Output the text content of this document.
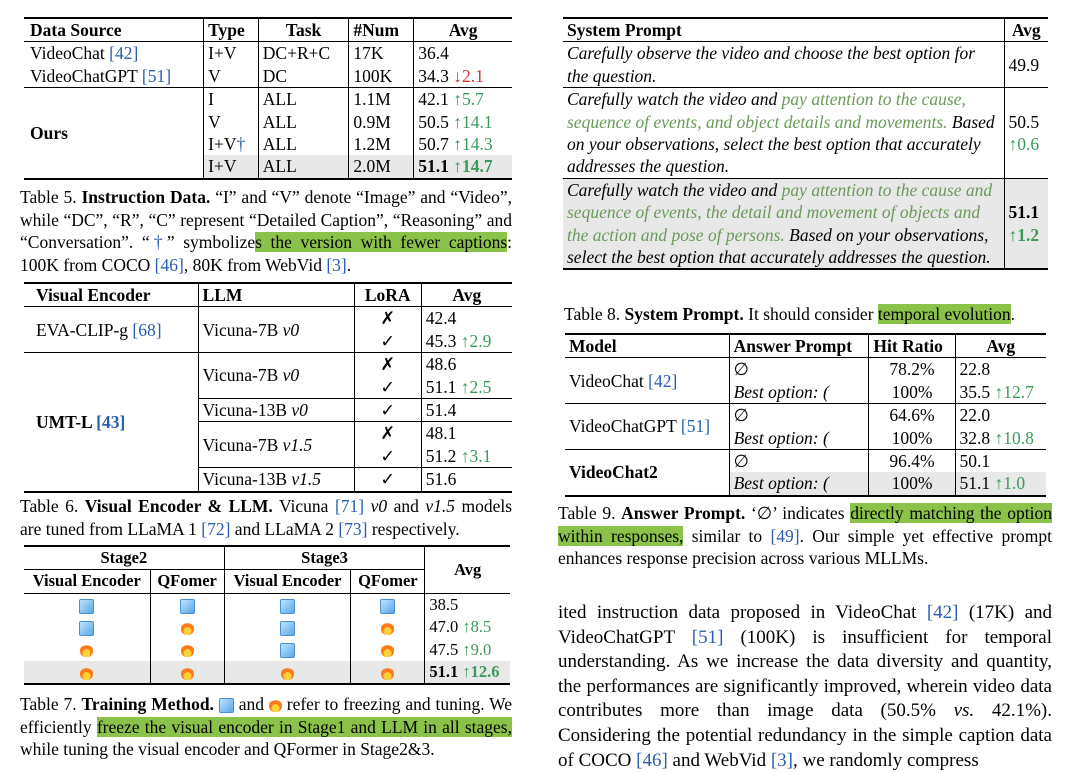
Data Source	Type	Task	#Num	Avg
VideoChat [42]	I+V	DC+R+C	17K	36.4
VideoChatGPT [51]	V	DC	100K	34.3 ↓2.1
Ours	I	ALL	1.1M	42.1 ↑5.7
	V	ALL	0.9M	50.5 ↑14.1
	I+V†	ALL	1.2M	50.7 ↑14.3
	I+V	ALL	2.0M	51.1 ↑14.7
Table 5. Instruction Data. “I” and “V” denote “Image” and “Video”, while “DC”, “R”, “C” represent “Detailed Caption”, “Reasoning” and “Conversation”. “†” symbolizes the version with fewer captions: 100K from COCO [46], 80K from WebVid [3].
Visual Encoder	LLM	LoRA	Avg
EVA-CLIP-g [68]	Vicuna-7B v0	✗	42.4
		✓	45.3 ↑2.9
UMT-L [43]	Vicuna-7B v0	✗	48.6
		✓	51.1 ↑2.5
	Vicuna-13B v0	✓	51.4
	Vicuna-7B v1.5	✗	48.1
		✓	51.2 ↑3.1
	Vicuna-13B v1.5	✓	51.6
Table 6. Visual Encoder & LLM. Vicuna [71] v0 and v1.5 models are tuned from LLaMA 1 [72] and LLaMA 2 [73] respectively.
Stage2		Stage3		Avg
Visual Encoder	QFomer	Visual Encoder	QFomer	
				38.5
				47.0 ↑8.5
				47.5 ↑9.0
				51.1 ↑12.6
Table 7. Training Method.  and  refer to freezing and tuning. We efficiently freeze the visual encoder in Stage1 and LLM in all stages, while tuning the visual encoder and QFormer in Stage2&3.
System Prompt	Avg
Carefully observe the video and choose the best option for the question.	49.9
Carefully watch the video and pay attention to the cause, sequence of events, and object details and movements. Based on your observations, select the best option that accurately addresses the question.	50.5
↑0.6
Carefully watch the video and pay attention to the cause and sequence of events, the detail and movement of objects and the action and pose of persons. Based on your observations, select the best option that accurately addresses the question.	51.1
↑1.2
Table 8. System Prompt. It should consider temporal evolution.
Model	Answer Prompt	Hit Ratio	Avg
VideoChat [42]	∅	78.2%	22.8
	Best option: (	100%	35.5 ↑12.7
VideoChatGPT [51]	∅	64.6%	22.0
	Best option: (	100%	32.8 ↑10.8
VideoChat2	∅	96.4%	50.1
	Best option: (	100%	51.1 ↑1.0
Table 9. Answer Prompt. ‘∅’ indicates directly matching the option within responses, similar to [49]. Our simple yet effective prompt enhances response precision across various MLLMs.
ited instruction data proposed in VideoChat [42] (17K) and VideoChatGPT [51] (100K) is insufficient for temporal understanding. As we increase the data diversity and quantity, the performances are significantly improved, wherein video data contributes more than image data (50.5% vs. 42.1%). Considering the potential redundancy in the simple caption data of COCO [46] and WebVid [3], we randomly compress
